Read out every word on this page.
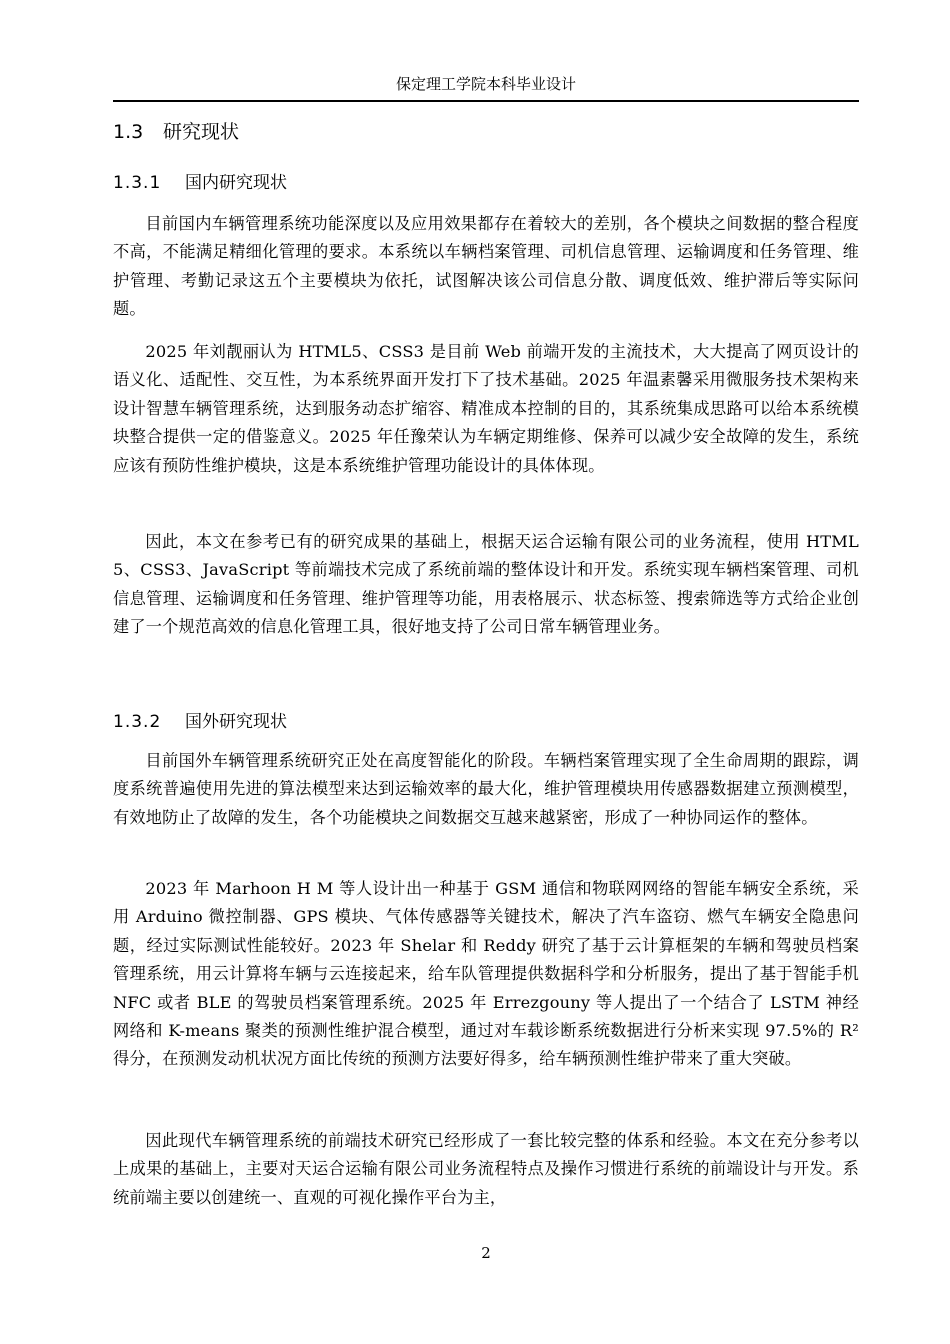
保定理工学院本科毕业设计
1.3 研究现状
1.3.1 国内研究现状

目前国内车辆管理系统功能深度以及应用效果都存在着较大的差别，各个模块之间数据的整合程度不高，不能满足精细化管理的要求。本系统以车辆档案管理、司机信息管理、运输调度和任务管理、维护管理、考勤记录这五个主要模块为依托，试图解决该公司信息分散、调度低效、维护滞后等实际问题。

2025 年刘靓丽认为 HTML5、CSS3 是目前 Web 前端开发的主流技术，大大提高了网页设计的语义化、适配性、交互性，为本系统界面开发打下了技术基础。2025 年温素馨采用微服务技术架构来设计智慧车辆管理系统，达到服务动态扩缩容、精准成本控制的目的，其系统集成思路可以给本系统模块整合提供一定的借鉴意义。2025 年任豫荣认为车辆定期维修、保养可以减少安全故障的发生，系统应该有预防性维护模块，这是本系统维护管理功能设计的具体体现。

因此，本文在参考已有的研究成果的基础上，根据天运合运输有限公司的业务流程，使用 HTML5、CSS3、JavaScript 等前端技术完成了系统前端的整体设计和开发。系统实现车辆档案管理、司机信息管理、运输调度和任务管理、维护管理等功能，用表格展示、状态标签、搜索筛选等方式给企业创建了一个规范高效的信息化管理工具，很好地支持了公司日常车辆管理业务。

1.3.2 国外研究现状

目前国外车辆管理系统研究正处在高度智能化的阶段。车辆档案管理实现了全生命周期的跟踪，调度系统普遍使用先进的算法模型来达到运输效率的最大化，维护管理模块用传感器数据建立预测模型，有效地防止了故障的发生，各个功能模块之间数据交互越来越紧密，形成了一种协同运作的整体。

2023 年 Marhoon H M 等人设计出一种基于 GSM 通信和物联网网络的智能车辆安全系统，采用 Arduino 微控制器、GPS 模块、气体传感器等关键技术，解决了汽车盗窃、燃气车辆安全隐患问题，经过实际测试性能较好。2023 年 Shelar 和 Reddy 研究了基于云计算框架的车辆和驾驶员档案管理系统，用云计算将车辆与云连接起来，给车队管理提供数据科学和分析服务，提出了基于智能手机 NFC 或者 BLE 的驾驶员档案管理系统。2025 年 Errezgouny 等人提出了一个结合了 LSTM 神经网络和 K-means 聚类的预测性维护混合模型，通过对车载诊断系统数据进行分析来实现 97.5%的 R² 得分，在预测发动机状况方面比传统的预测方法要好得多，给车辆预测性维护带来了重大突破。

因此现代车辆管理系统的前端技术研究已经形成了一套比较完整的体系和经验。本文在充分参考以上成果的基础上，主要对天运合运输有限公司业务流程特点及操作习惯进行系统的前端设计与开发。系统前端主要以创建统一、直观的可视化操作平台为主，

2
